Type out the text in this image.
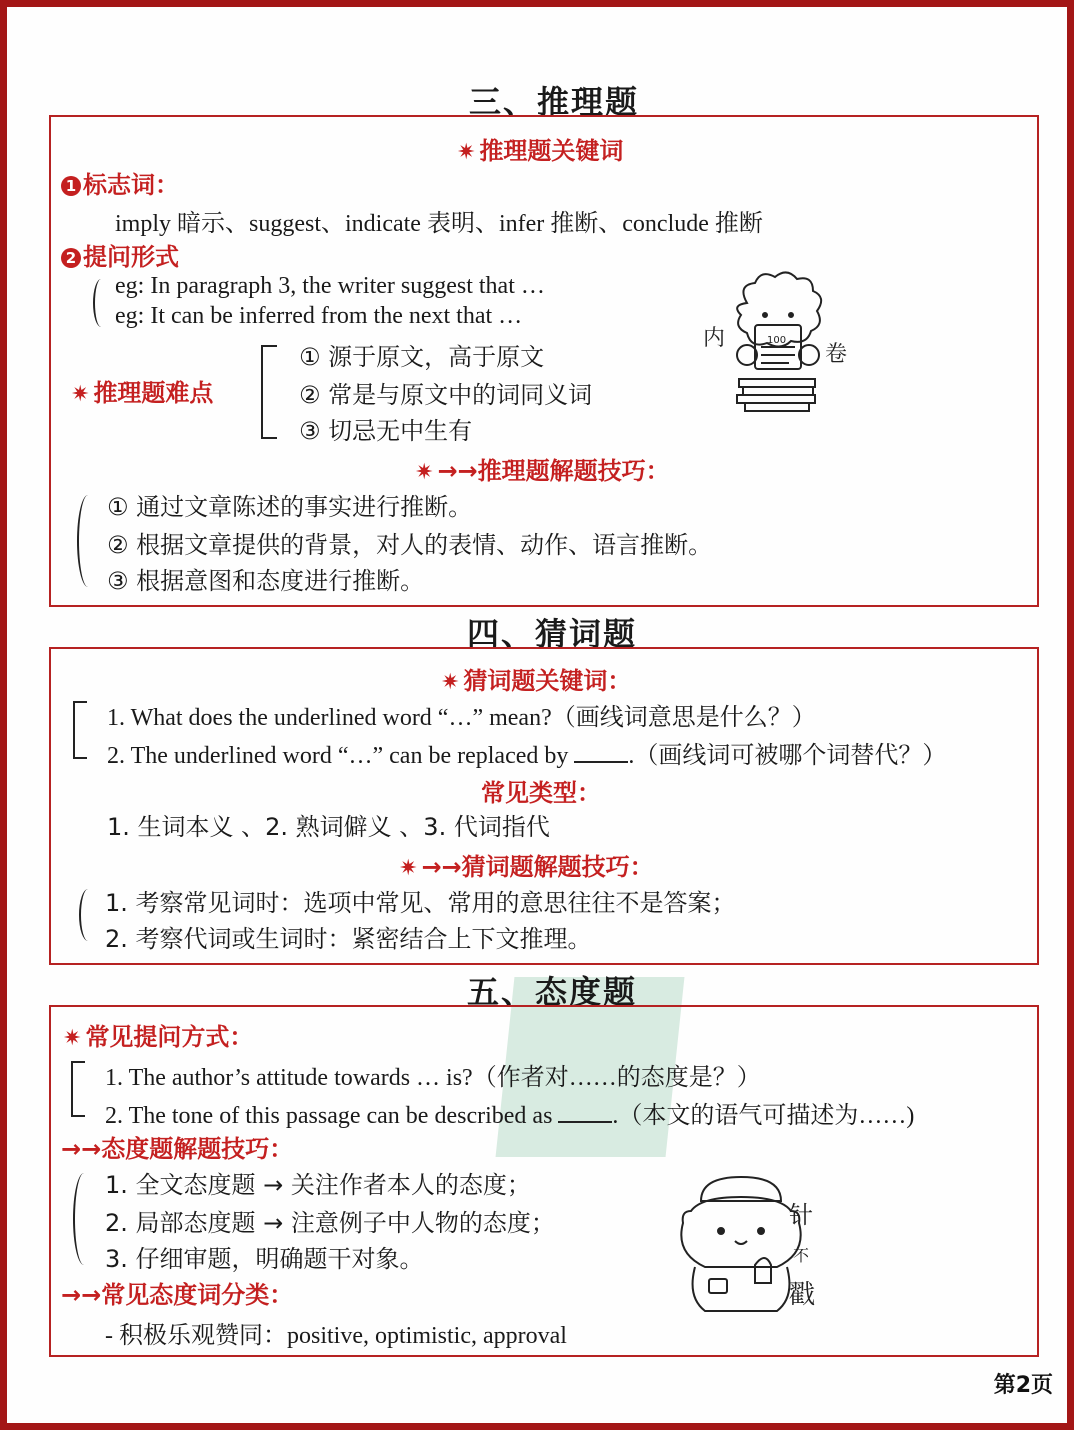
三、推理题
✷ 推理题关键词
1 标志词：
imply 暗示、suggest、indicate 表明、infer 推断、conclude 推断
2 提问形式
eg: In paragraph 3, the writer suggest that …
eg: It can be inferred from the next that …
✷ 推理题难点
① 源于原文，高于原文
② 常是与原文中的词同义词
③ 切忌无中生有
100
内
卷
✷ →→推理题解题技巧：
① 通过文章陈述的事实进行推断。
② 根据文章提供的背景，对人的表情、动作、语言推断。
③ 根据意图和态度进行推断。
四、猜词题
✷ 猜词题关键词：
1. What does the underlined word “…” mean?（画线词意思是什么？）
2. The underlined word “…” can be replaced by .（画线词可被哪个词替代？）
常见类型：
1. 生词本义 、2. 熟词僻义 、3. 代词指代
✷ →→猜词题解题技巧：
1. 考察常见词时：选项中常见、常用的意思往往不是答案；
2. 考察代词或生词时：紧密结合上下文推理。
五、态度题
✷ 常见提问方式：
1. The author’s attitude towards … is?（作者对……的态度是？）
2. The tone of this passage can be described as .（本文的语气可描述为……)
→→态度题解题技巧：
1. 全文态度题 → 关注作者本人的态度；
2. 局部态度题 → 注意例子中人物的态度；
3. 仔细审题，明确题干对象。
→→常见态度词分类：
- 积极乐观赞同：positive, optimistic, approval
针
不
戳
第2页
